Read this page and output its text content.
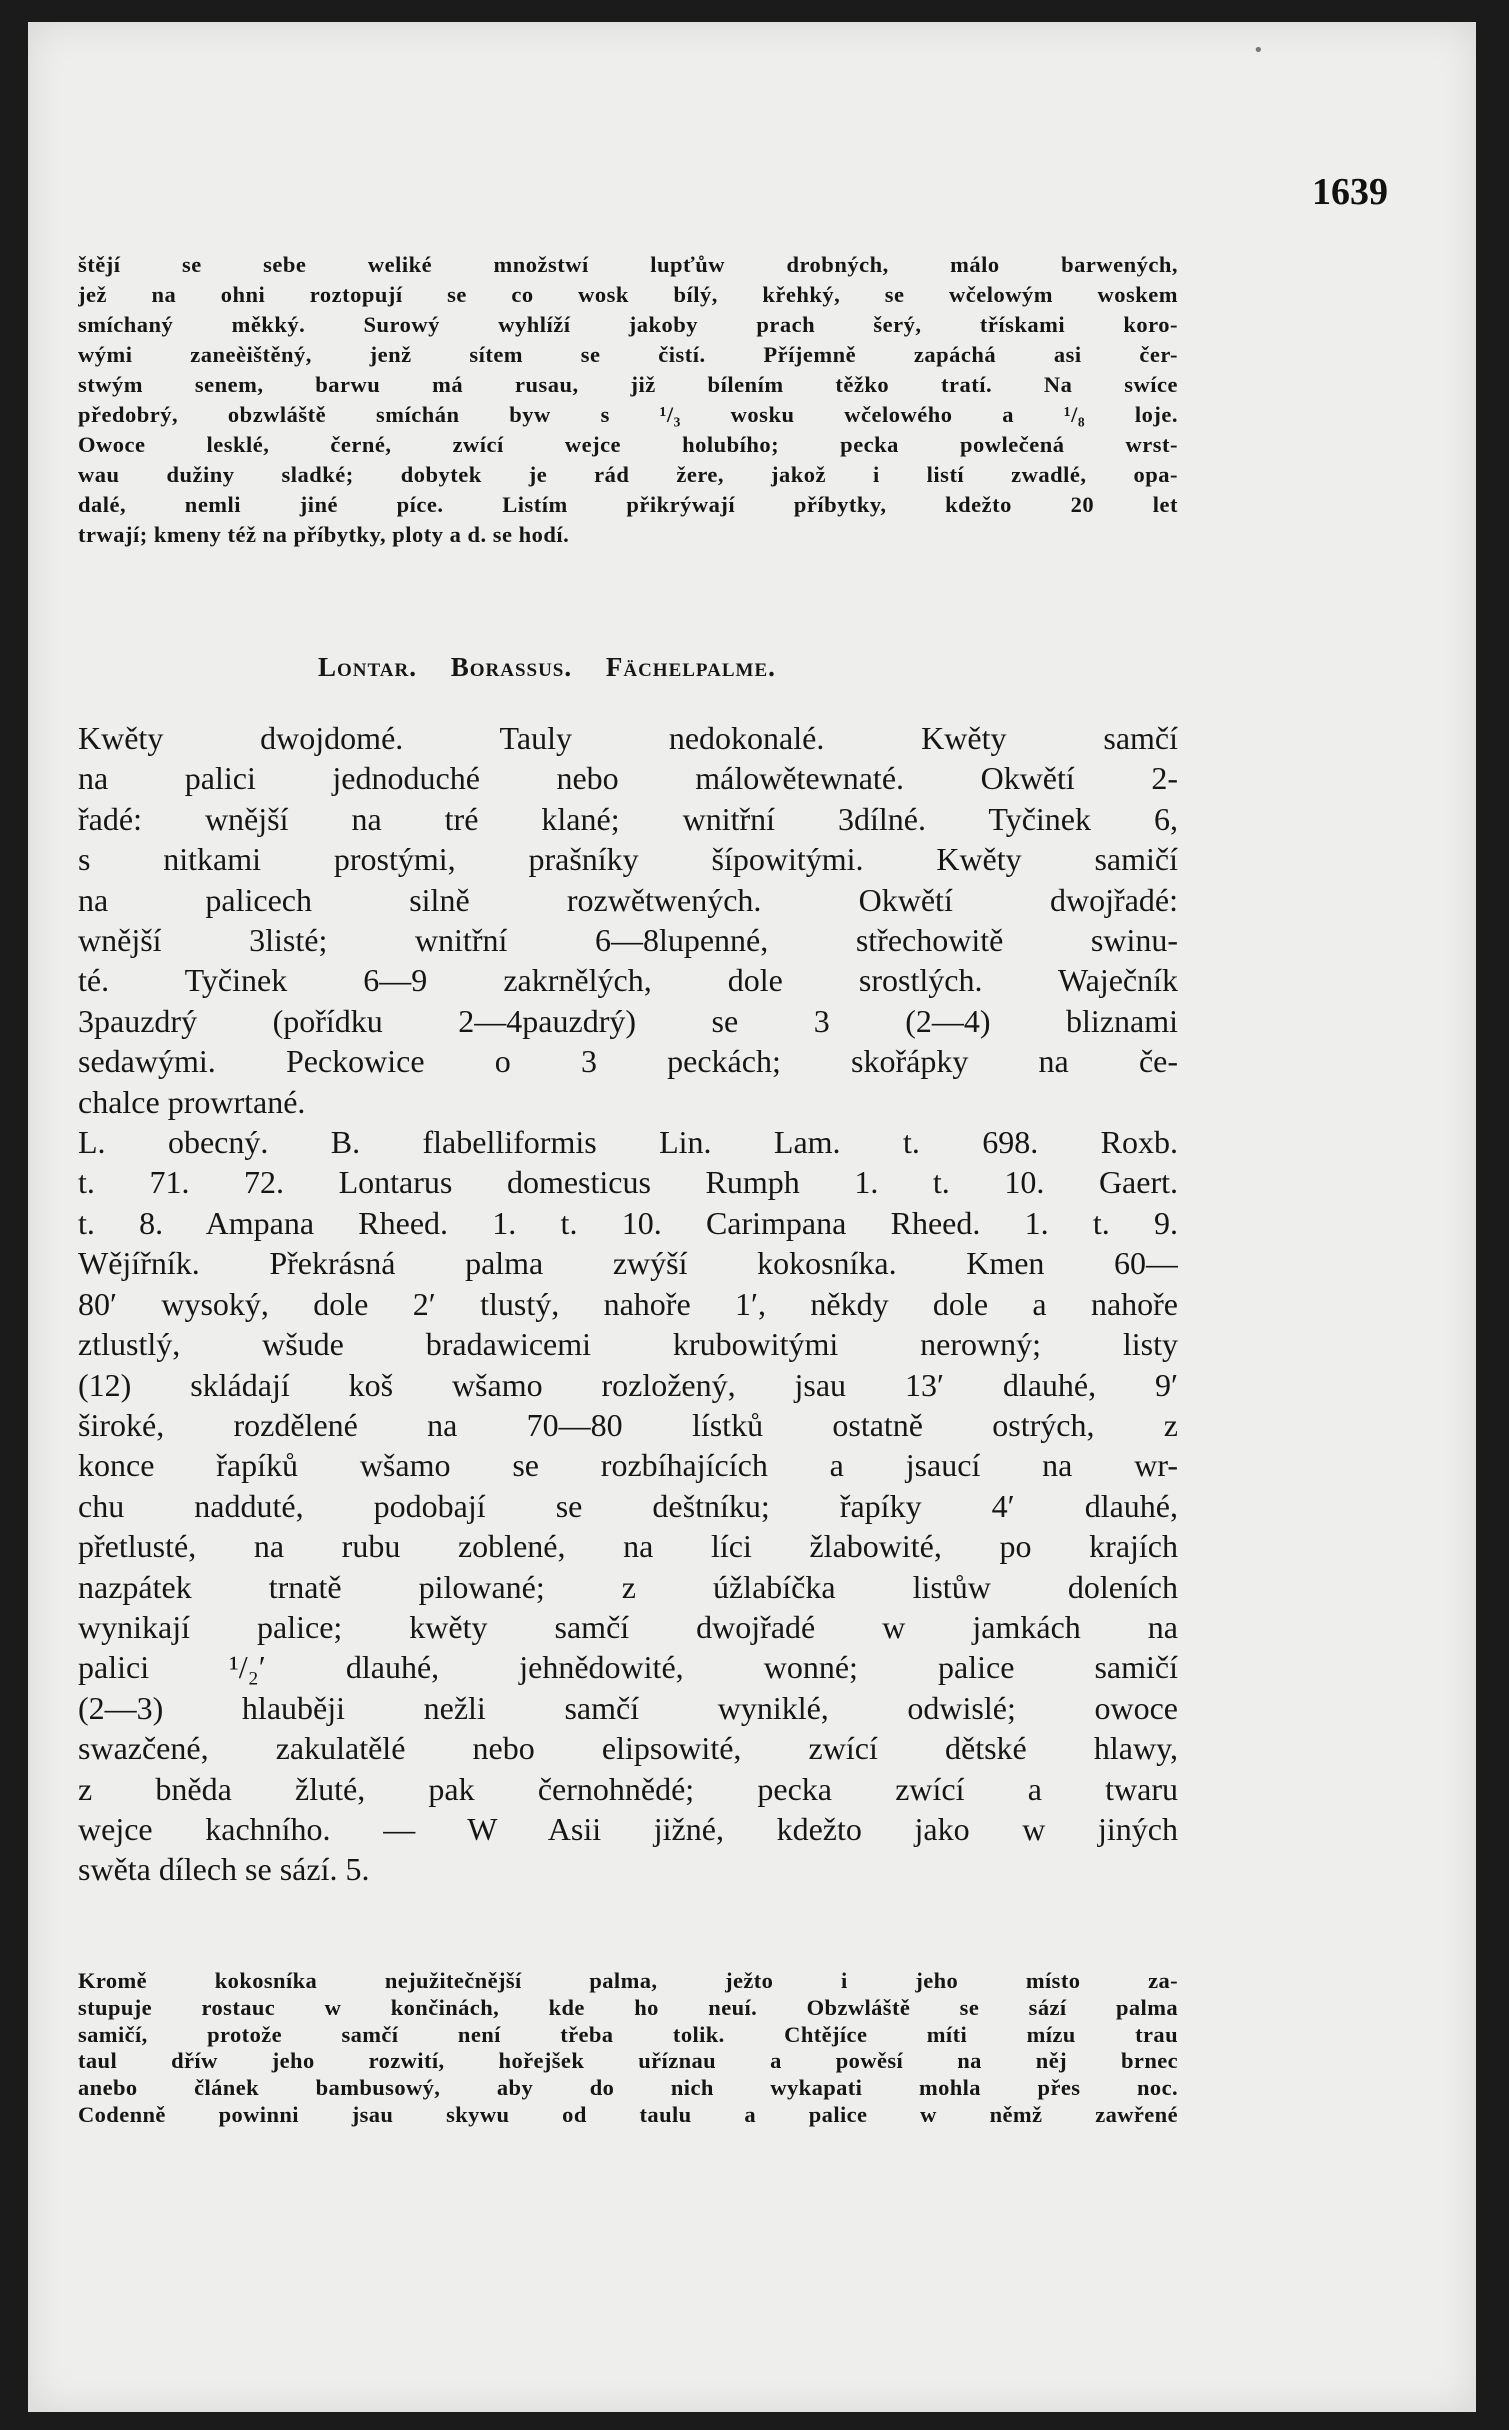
•
1639
štějí se sebe weliké množstwí lupťůw drobných, málo barwených,
jež na ohni roztopují se co wosk bílý, křehký, se wčelowým woskem
smíchaný měkký. Surowý wyhlíží jakoby prach šerý, třískami koro-
wými zaneèištěný, jenž sítem se čistí. Příjemně zapáchá asi čer-
stwým senem, barwu má rusau, již bílením těžko tratí. Na swíce
předobrý, obzwláště smíchán byw s ¹/₃ wosku wčelowého a ¹/₈ loje.
Owoce lesklé, černé, zwící wejce holubího; pecka powlečená wrst-
wau dužiny sladké; dobytek je rád žere, jakož i listí zwadlé, opa-
dalé, nemli jiné píce. Listím přikrýwají příbytky, kdežto 20 let
trwají; kmeny též na příbytky, ploty a d. se hodí.
Lontar. Borassus. Fächelpalme.
Kwěty dwojdomé. Tauly nedokonalé. Kwěty samčí
na palici jednoduché nebo málowětewnaté. Okwětí 2-
řadé: wnější na tré klané; wnitřní 3dílné. Tyčinek 6,
s nitkami prostými, prašníky šípowitými. Kwěty samičí
na palicech silně rozwětwených. Okwětí dwojřadé:
wnější 3listé; wnitřní 6—8lupenné, střechowitě swinu-
té. Tyčinek 6—9 zakrnělých, dole srostlých. Waječník
3pauzdrý (pořídku 2—4pauzdrý) se 3 (2—4) bliznami
sedawými. Peckowice o 3 peckách; skořápky na če-
chalce prowrtané.
L. obecný. B. flabelliformis Lin. Lam. t. 698. Roxb.
t. 71. 72. Lontarus domesticus Rumph 1. t. 10. Gaert.
t. 8. Ampana Rheed. 1. t. 10. Carimpana Rheed. 1. t. 9.
Wějířník. Překrásná palma zwýší kokosníka. Kmen 60—
80′ wysoký, dole 2′ tlustý, nahoře 1′, někdy dole a nahoře
ztlustlý, wšude bradawicemi krubowitými nerowný; listy
(12) skládají koš wšamo rozložený, jsau 13′ dlauhé, 9′
široké, rozdělené na 70—80 lístků ostatně ostrých, z
konce řapíků wšamo se rozbíhajících a jsaucí na wr-
chu nadduté, podobají se deštníku; řapíky 4′ dlauhé,
přetlusté, na rubu zoblené, na líci žlabowité, po krajích
nazpátek trnatě pilowané; z úžlabíčka listůw doleních
wynikají palice; kwěty samčí dwojřadé w jamkách na
palici ¹/₂′ dlauhé, jehnědowité, wonné; palice samičí
(2—3) hlauběji nežli samčí wyniklé, odwislé; owoce
swazčené, zakulatělé nebo elipsowité, zwící dětské hlawy,
z bněda žluté, pak černohnědé; pecka zwící a twaru
wejce kachního. — W Asii jižné, kdežto jako w jiných
swěta dílech se sází. 5.
Kromě kokosníka nejužitečnější palma, ježto i jeho místo za-
stupuje rostauc w končinách, kde ho neuí. Obzwláště se sází palma
samičí, protože samčí není třeba tolik. Chtějíce míti mízu trau
taul dříw jeho rozwití, hořejšek uříznau a powěsí na něj brnec
anebo článek bambusowý, aby do nich wykapati mohla přes noc.
Codenně powinni jsau skywu od taulu a palice w němž zawřené
